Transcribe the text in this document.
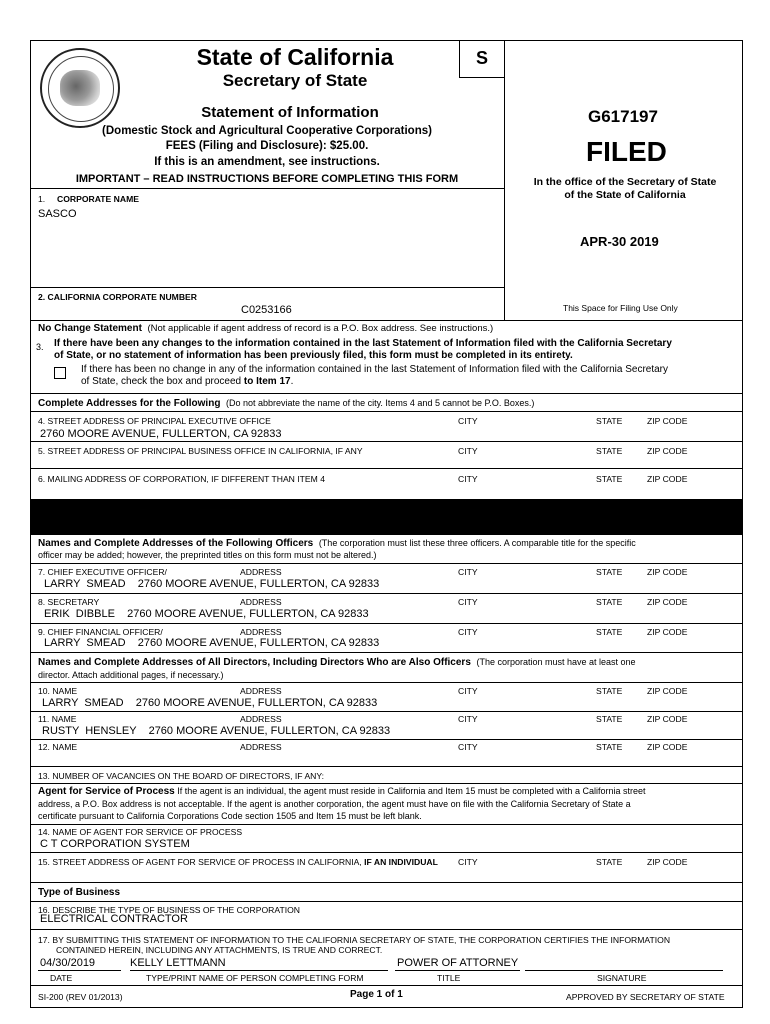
S
State of California
Secretary of State
Statement of Information
(Domestic Stock and Agricultural Cooperative Corporations)
FEES (Filing and Disclosure): $25.00.
If this is an amendment, see instructions.
IMPORTANT – READ INSTRUCTIONS BEFORE COMPLETING THIS FORM
G617197
FILED
In the office of the Secretary of State
of the State of California
APR-30 2019
This Space for Filing Use Only
1. CORPORATE NAME
SASCO
2. CALIFORNIA CORPORATE NUMBER
C0253166
No Change Statement (Not applicable if agent address of record is a P.O. Box address. See instructions.)
3. If there have been any changes to the information contained in the last Statement of Information filed with the California Secretary
of State, or no statement of information has been previously filed, this form must be completed in its entirety.
If there has been no change in any of the information contained in the last Statement of Information filed with the California Secretary
of State, check the box and proceed to Item 17.
Complete Addresses for the Following (Do not abbreviate the name of the city. Items 4 and 5 cannot be P.O. Boxes.)
4. STREET ADDRESS OF PRINCIPAL EXECUTIVE OFFICE	CITY	STATE	ZIP CODE
2760 MOORE AVENUE, FULLERTON, CA 92833
5. STREET ADDRESS OF PRINCIPAL BUSINESS OFFICE IN CALIFORNIA, IF ANY	CITY	STATE	ZIP CODE
6. MAILING ADDRESS OF CORPORATION, IF DIFFERENT THAN ITEM 4	CITY	STATE	ZIP CODE
Names and Complete Addresses of the Following Officers (The corporation must list these three officers. A comparable title for the specific
officer may be added; however, the preprinted titles on this form must not be altered.)
7. CHIEF EXECUTIVE OFFICER/	ADDRESS	CITY	STATE	ZIP CODE
LARRY  SMEAD    2760 MOORE AVENUE, FULLERTON, CA 92833
8. SECRETARY	ADDRESS	CITY	STATE	ZIP CODE
ERIK  DIBBLE    2760 MOORE AVENUE, FULLERTON, CA 92833
9. CHIEF FINANCIAL OFFICER/	ADDRESS	CITY	STATE	ZIP CODE
LARRY  SMEAD    2760 MOORE AVENUE, FULLERTON, CA 92833
Names and Complete Addresses of All Directors, Including Directors Who are Also Officers (The corporation must have at least one
director. Attach additional pages, if necessary.)
10. NAME	ADDRESS	CITY	STATE	ZIP CODE
LARRY  SMEAD    2760 MOORE AVENUE, FULLERTON, CA 92833
11. NAME	ADDRESS	CITY	STATE	ZIP CODE
RUSTY  HENSLEY    2760 MOORE AVENUE, FULLERTON, CA 92833
12. NAME	ADDRESS	CITY	STATE	ZIP CODE
13. NUMBER OF VACANCIES ON THE BOARD OF DIRECTORS, IF ANY:
Agent for Service of Process If the agent is an individual, the agent must reside in California and Item 15 must be completed with a California street
address, a P.O. Box address is not acceptable. If the agent is another corporation, the agent must have on file with the California Secretary of State a
certificate pursuant to California Corporations Code section 1505 and Item 15 must be left blank.
14. NAME OF AGENT FOR SERVICE OF PROCESS
C T CORPORATION SYSTEM
15. STREET ADDRESS OF AGENT FOR SERVICE OF PROCESS IN CALIFORNIA, IF AN INDIVIDUAL CITY	STATE	ZIP CODE
Type of Business
16. DESCRIBE THE TYPE OF BUSINESS OF THE CORPORATION
ELECTRICAL CONTRACTOR
17. BY SUBMITTING THIS STATEMENT OF INFORMATION TO THE CALIFORNIA SECRETARY OF STATE, THE CORPORATION CERTIFIES THE INFORMATION
CONTAINED HEREIN, INCLUDING ANY ATTACHMENTS, IS TRUE AND CORRECT.
04/30/2019	KELLY LETTMANN	POWER OF ATTORNEY
DATE	TYPE/PRINT NAME OF PERSON COMPLETING FORM	TITLE	SIGNATURE
SI-200 (REV 01/2013)	Page 1 of 1	APPROVED BY SECRETARY OF STATE
